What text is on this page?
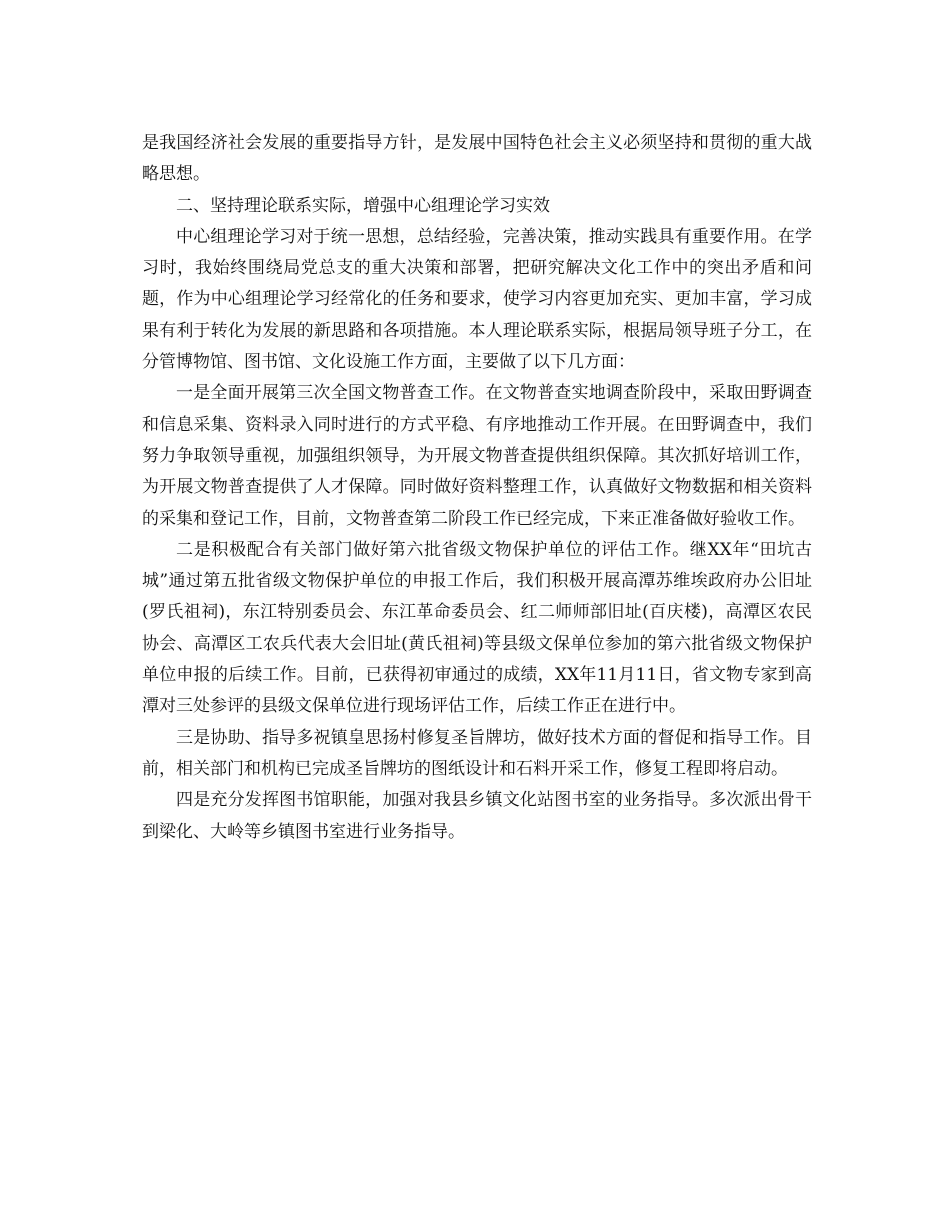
是我国经济社会发展的重要指导方针，是发展中国特色社会主义必须坚持和贯彻的重大战略思想。

二、坚持理论联系实际，增强中心组理论学习实效

中心组理论学习对于统一思想，总结经验，完善决策，推动实践具有重要作用。在学习时，我始终围绕局党总支的重大决策和部署，把研究解决文化工作中的突出矛盾和问题，作为中心组理论学习经常化的任务和要求，使学习内容更加充实、更加丰富，学习成果有利于转化为发展的新思路和各项措施。本人理论联系实际，根据局领导班子分工，在分管博物馆、图书馆、文化设施工作方面，主要做了以下几方面：

一是全面开展第三次全国文物普查工作。在文物普查实地调查阶段中，采取田野调查和信息采集、资料录入同时进行的方式平稳、有序地推动工作开展。在田野调查中，我们努力争取领导重视，加强组织领导，为开展文物普查提供组织保障。其次抓好培训工作，为开展文物普查提供了人才保障。同时做好资料整理工作，认真做好文物数据和相关资料的采集和登记工作，目前，文物普查第二阶段工作已经完成，下来正准备做好验收工作。

二是积极配合有关部门做好第六批省级文物保护单位的评估工作。继XX年“田坑古城”通过第五批省级文物保护单位的申报工作后，我们积极开展高潭苏维埃政府办公旧址(罗氏祖祠)，东江特别委员会、东江革命委员会、红二师师部旧址(百庆楼)，高潭区农民协会、高潭区工农兵代表大会旧址(黄氏祖祠)等县级文保单位参加的第六批省级文物保护单位申报的后续工作。目前，已获得初审通过的成绩，XX年11月11日，省文物专家到高潭对三处参评的县级文保单位进行现场评估工作，后续工作正在进行中。

三是协助、指导多祝镇皇思扬村修复圣旨牌坊，做好技术方面的督促和指导工作。目前，相关部门和机构已完成圣旨牌坊的图纸设计和石料开采工作，修复工程即将启动。

四是充分发挥图书馆职能，加强对我县乡镇文化站图书室的业务指导。多次派出骨干到梁化、大岭等乡镇图书室进行业务指导。
